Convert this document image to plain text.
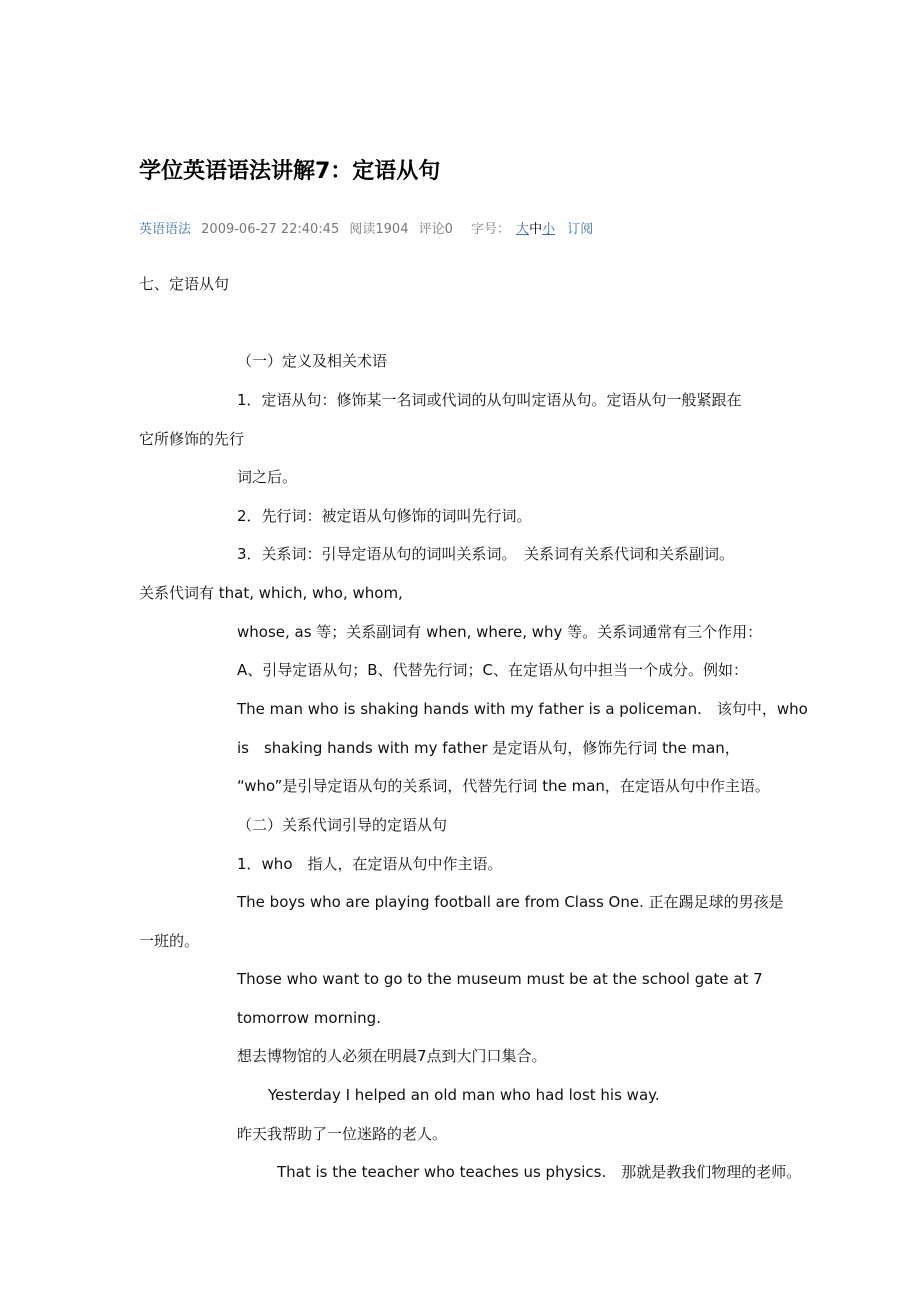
学位英语语法讲解7：定语从句
英语语法 2009-06-27 22:40:45 阅读1904 评论0 字号： 大中小 订阅
七、定语从句
（一）定义及相关术语
1．定语从句：修饰某一名词或代词的从句叫定语从句。定语从句一般紧跟在
它所修饰的先行
词之后。
2．先行词：被定语从句修饰的词叫先行词。
3．关系词：引导定语从句的词叫关系词。　关系词有关系代词和关系副词。
关系代词有 that, which, who, whom,
whose, as 等；关系副词有 when, where, why 等。关系词通常有三个作用：
A、引导定语从句；B、代替先行词；C、在定语从句中担当一个成分。例如：
The man who is shaking hands with my father is a policeman.　该句中，who
is　shaking hands with my father 是定语从句，修饰先行词 the man，
“who”是引导定语从句的关系词，代替先行词 the man，在定语从句中作主语。
（二）关系代词引导的定语从句
1．who　指人，在定语从句中作主语。
The boys who are playing football are from Class One. 正在踢足球的男孩是
一班的。
Those who want to go to the museum must be at the school gate at 7
tomorrow morning.
想去博物馆的人必须在明晨7点到大门口集合。
Yesterday I helped an old man who had lost his way.
昨天我帮助了一位迷路的老人。
That is the teacher who teaches us physics.　那就是教我们物理的老师。
